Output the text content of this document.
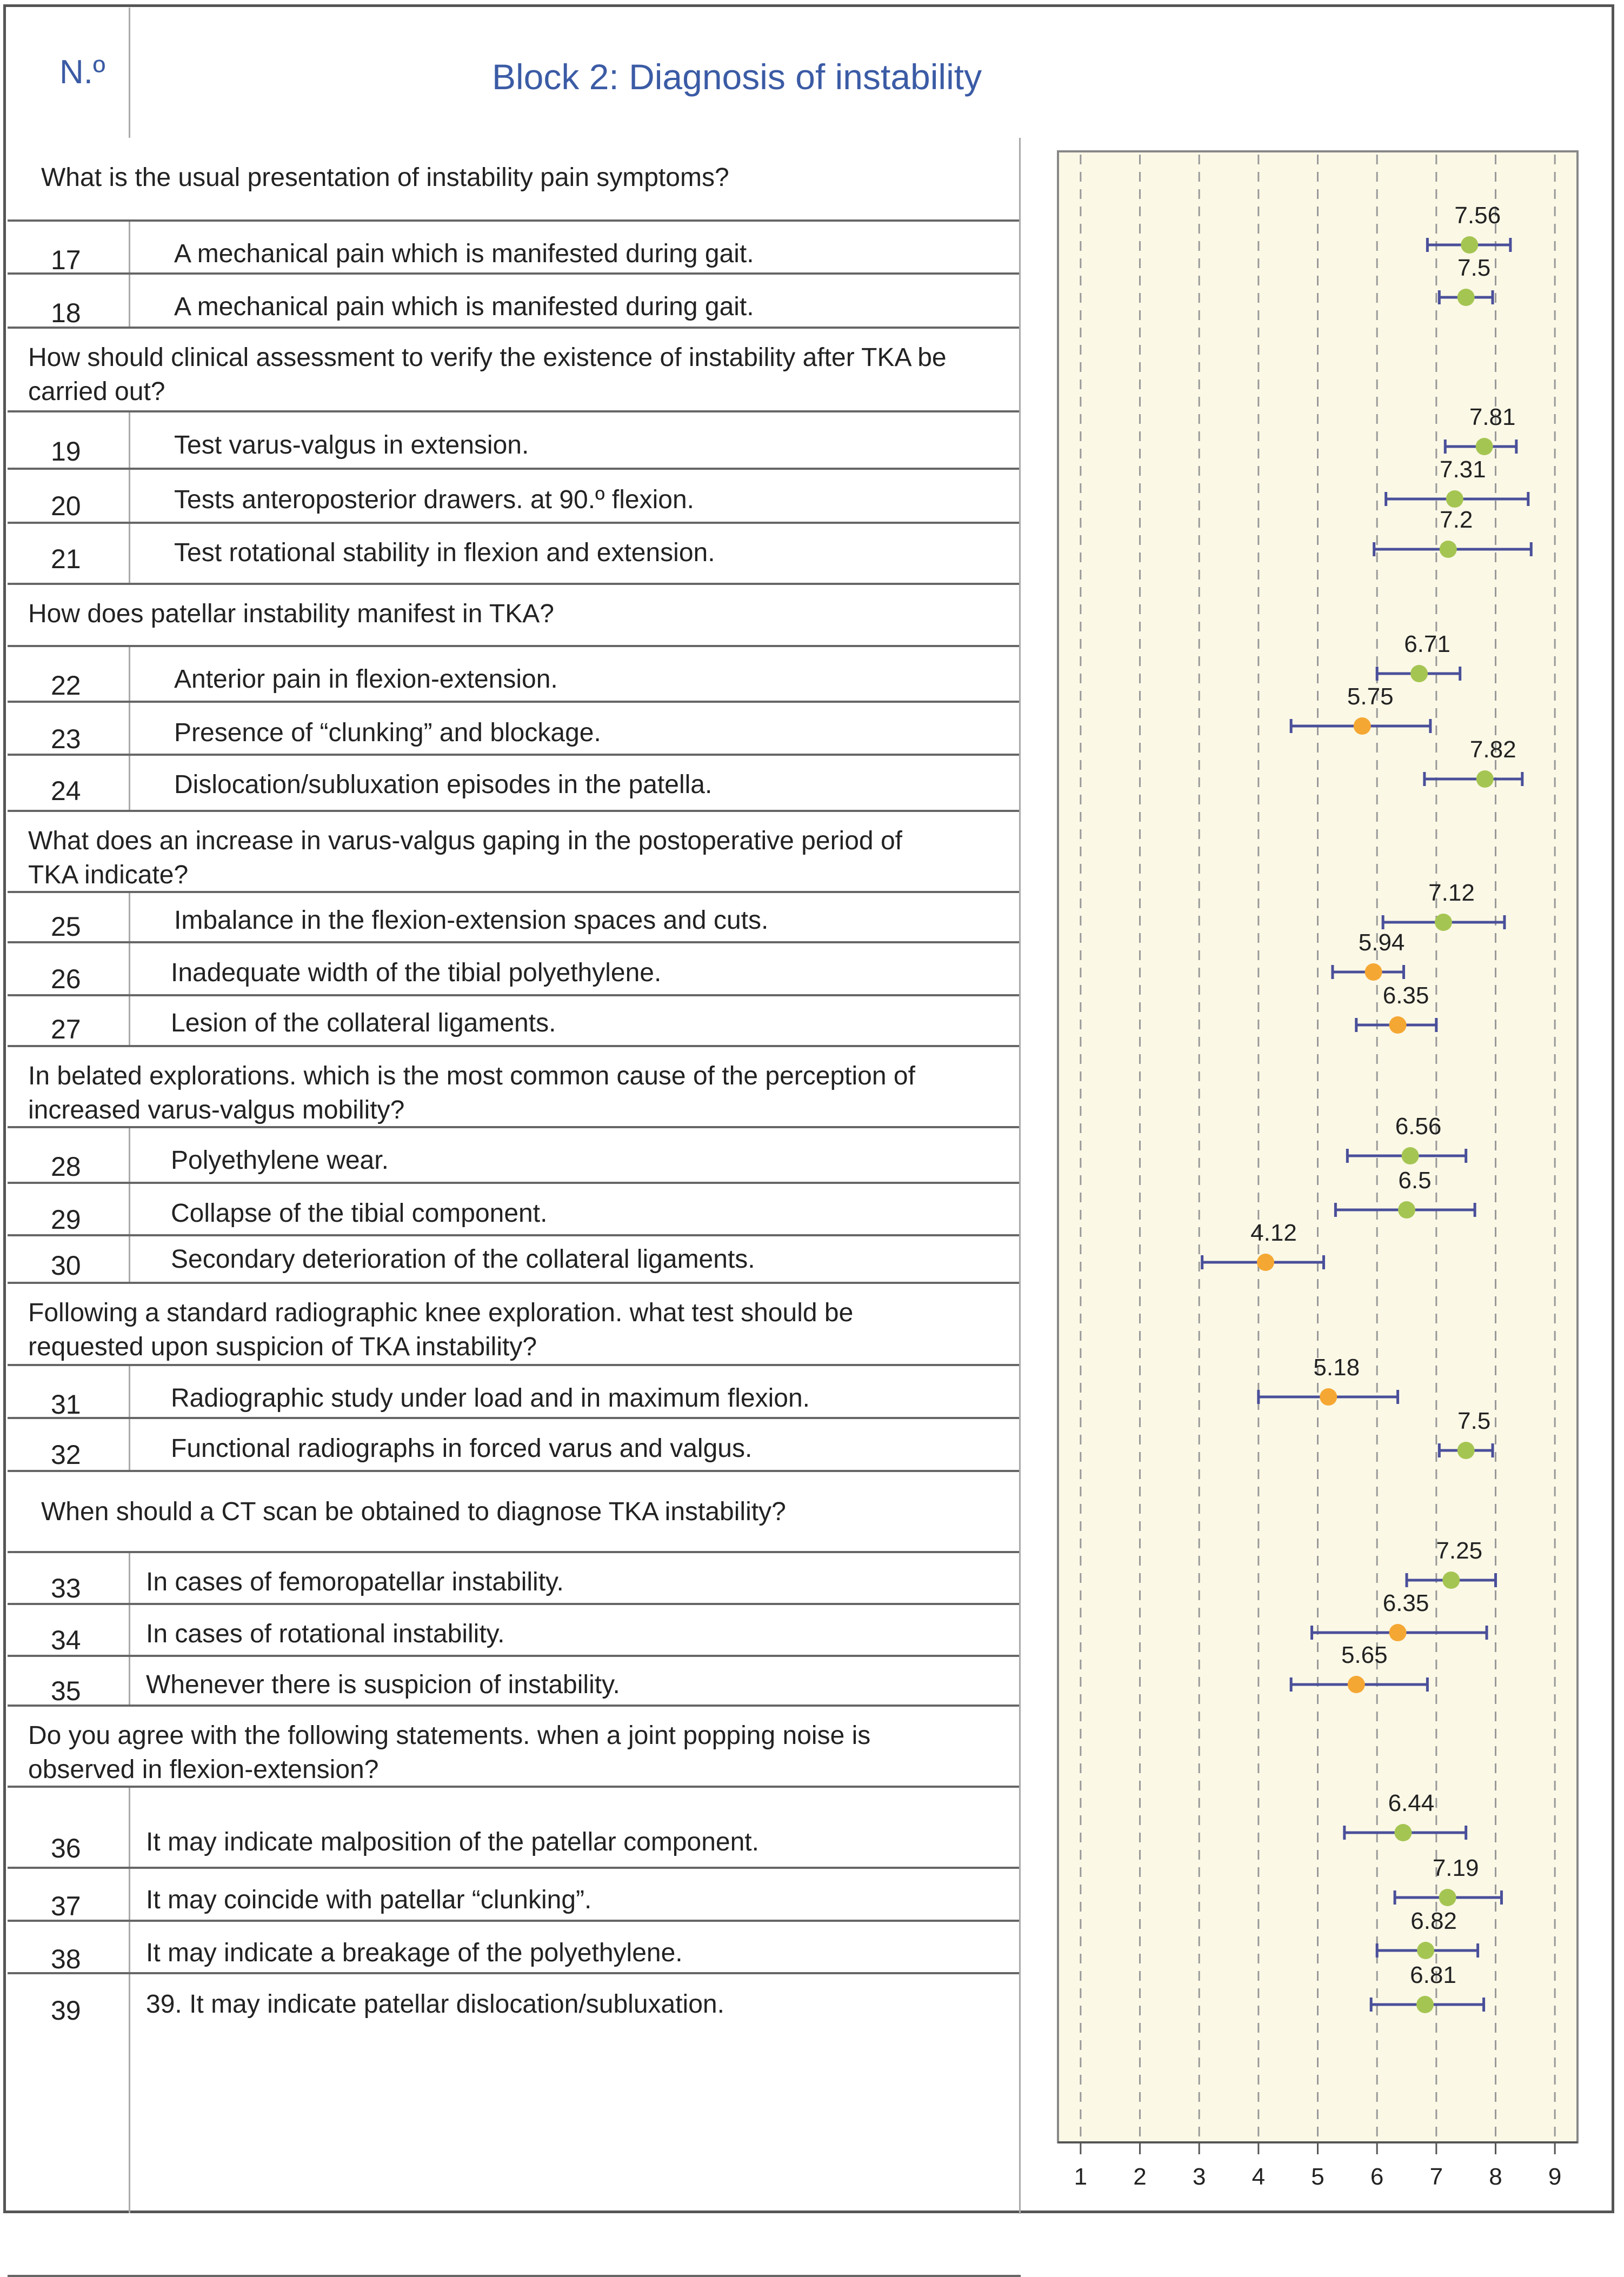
N.º	Block 2: Diagnosis of instability
What is the usual presentation of instability pain symptoms?
17	A mechanical pain which is manifested during gait.
18	A mechanical pain which is manifested during gait.
How should clinical assessment to verify the existence of instability after TKA be carried out?
19	Test varus-valgus in extension.
20	Tests anteroposterior drawers. at 90.º flexion.
21	Test rotational stability in flexion and extension.
How does patellar instability manifest in TKA?
22	Anterior pain in flexion-extension.
23	Presence of “clunking” and blockage.
24	Dislocation/subluxation episodes in the patella.
What does an increase in varus-valgus gaping in the postoperative period of TKA indicate?
25	Imbalance in the flexion-extension spaces and cuts.
26	Inadequate width of the tibial polyethylene.
27	Lesion of the collateral ligaments.
In belated explorations. which is the most common cause of the perception of increased varus-valgus mobility?
28	Polyethylene wear.
29	Collapse of the tibial component.
30	Secondary deterioration of the collateral ligaments.
Following a standard radiographic knee exploration. what test should be requested upon suspicion of TKA instability?
31	Radiographic study under load and in maximum flexion.
32	Functional radiographs in forced varus and valgus.
When should a CT scan be obtained to diagnose TKA instability?
33	In cases of femoropatellar instability.
34	In cases of rotational instability.
35	Whenever there is suspicion of instability.
Do you agree with the following statements. when a joint popping noise is observed in flexion-extension?
36	It may indicate malposition of the patellar component.
37	It may coincide with patellar “clunking”.
38	It may indicate a breakage of the polyethylene.
39	39. It may indicate patellar dislocation/subluxation.
1 2 3 4 5 6 7 8 9
7.56
7.5
7.81
7.31
7.2
6.71
5.75
7.82
7.12
5.94
6.35
6.56
6.5
4.12
5.18
7.5
7.25
6.35
5.65
6.44
7.19
6.82
6.81
